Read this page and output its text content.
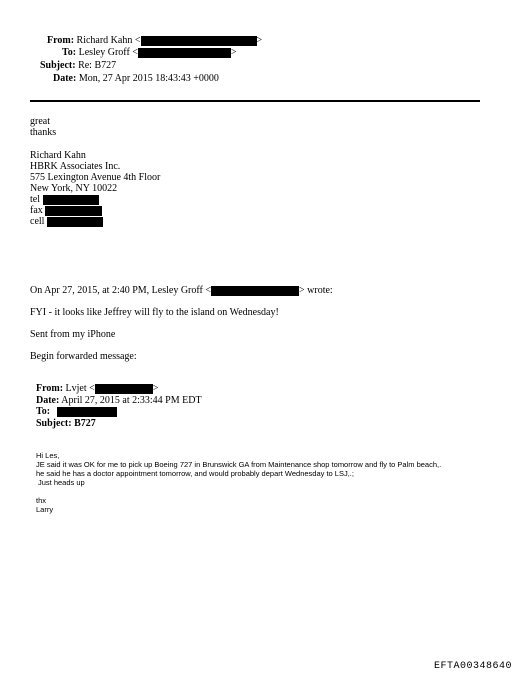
From: Richard Kahn <	>
To: Lesley Groff <	>
Subject: Re: B727
Date: Mon, 27 Apr 2015 18:43:43 +0000
great
thanks
Richard Kahn
HBRK Associates Inc.
575 Lexington Avenue 4th Floor
New York, NY 10022
tel
fax
cell
On Apr 27, 2015, at 2:40 PM, Lesley Groff <	> wrote:
FYI - it looks like Jeffrey will fly to the island on Wednesday!
Sent from my iPhone
Begin forwarded message:
From: Lvjet <	>
Date: April 27, 2015 at 2:33:44 PM EDT
To:
Subject: B727
Hi Les,
JE said it was OK for me to pick up Boeing 727 in Brunswick GA from Maintenance shop tomorrow and fly to Palm beach,.
he said he has a doctor appointment tomorrow, and would probably depart Wednesday to LSJ,.;
Just heads up
thx
Larry
EFTA00348640
